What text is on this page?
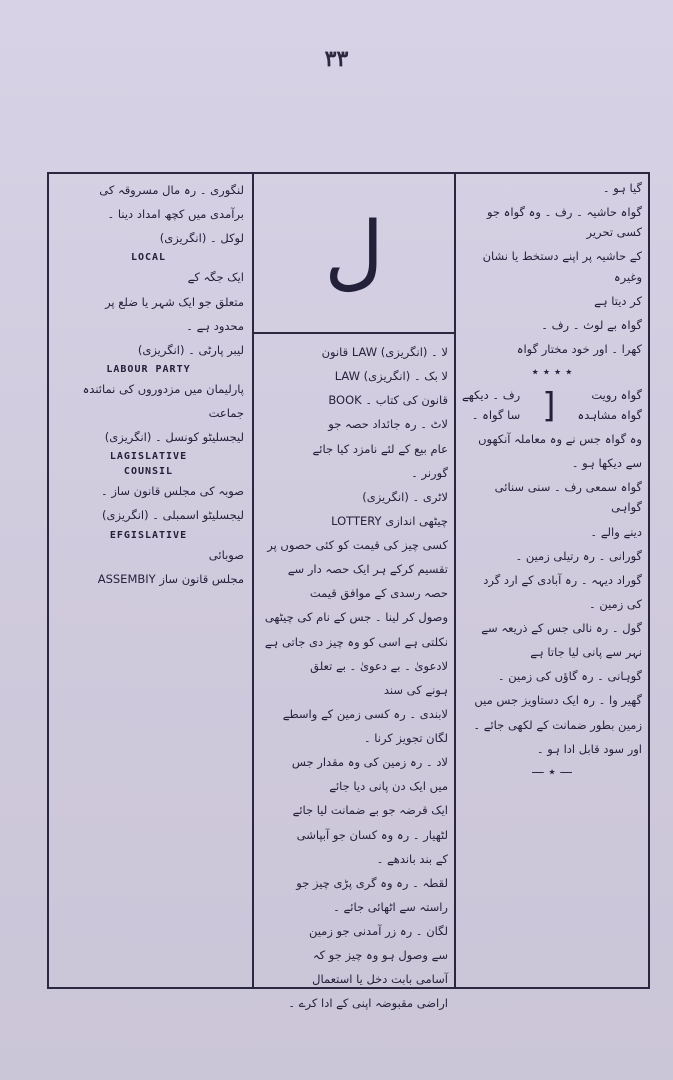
۳۳
لنگوری ۔ رہ مال مسروقہ کی
برآمدی میں کچھ امداد دینا ۔
لوکل ۔ (انگریزی)
LOCAL
ایک جگہ کے
متعلق جو ایک شہر یا ضلع پر
محدود ہے ۔
لیبر پارٹی ۔ (انگریزی)
LABOUR PARTY
پارلیمان میں مزدوروں کی نمائندہ
جماعت
لیجسلیٹو کونسل ۔ (انگریزی)
LAGISLATIVE
COUNSIL
صوبہ کی مجلس قانون ساز ۔
لیجسلیٹو اسمبلی ۔ (انگریزی)
EFGISLATIVE
صوبائی
مجلس قانون ساز ASSEMBIY
ل
لا ۔ (انگریزی) LAW قانون
لا بک ۔ (انگریزی) LAW
قانون کی کتاب ۔ BOOK
لاٹ ۔ رہ جائداد حصہ جو
عام بیع کے لئے نامزد کیا جائے
گورنر ۔
لاٹری ۔ (انگریزی)
چیٹھی اندازی LOTTERY
کسی چیز کی قیمت کو کئی حصوں پر
تقسیم کرکے ہر ایک حصہ دار سے
حصہ رسدی کے موافق قیمت
وصول کر لینا ۔ جس کے نام کی چیٹھی
نکلتی ہے اسی کو وہ چیز دی جاتی ہے
لادعویٰ ۔ بے دعویٰ ۔ بے تعلق
ہونے کی سند
لابندی ۔ رہ کسی زمین کے واسطے
لگان تجویز کرنا ۔
لاد ۔ رہ زمین کی وہ مقدار جس
میں ایک دن پانی دیا جائے
ایک قرضہ جو بے ضمانت لیا جائے
لٹھیار ۔ رہ وہ کسان جو آبپاشی
کے بند باندھے ۔
لقطہ ۔ رہ وہ گری پڑی چیز جو
راستہ سے اٹھائی جائے ۔
لگان ۔ رہ زر آمدنی جو زمین
سے وصول ہو وہ چیز جو کہ
آسامی بابت دخل یا استعمال
اراضی مقبوضہ اپنی کے ادا کرے ۔
گیا ہو ۔
گواہ حاشیہ ۔ رف ۔ وہ گواہ جو کسی تحریر
کے حاشیہ پر اپنے دستخط یا نشان وغیرہ
کر دیتا ہے
گواہ بے لوث ۔ رف ۔
کھرا ۔ اور خود مختار گواہ
٭ ٭ ٭ ٭
گواہ رویت
گواہ مشاہدہ
[
رف ۔ دیکھے
سا گواہ ۔
وہ گواہ جس نے وہ معاملہ آنکھوں
سے دیکھا ہو ۔
گواہ سمعی رف ۔ سنی سنائی گواہی
دینے والے ۔
گورانی ۔ رہ رتیلی زمین ۔
گوراد دیہہ ۔ رہ آبادی کے ارد گرد
کی زمین ۔
گول ۔ رہ نالی جس کے ذریعہ سے
نہر سے پانی لیا جاتا ہے
گوہانی ۔ رہ گاؤں کی زمین ۔
گھیر وا ۔ رہ ایک دستاویز جس میں
زمین بطور ضمانت کے لکھی جائے ۔
اور سود قابل ادا ہو ۔
— ٭ —
